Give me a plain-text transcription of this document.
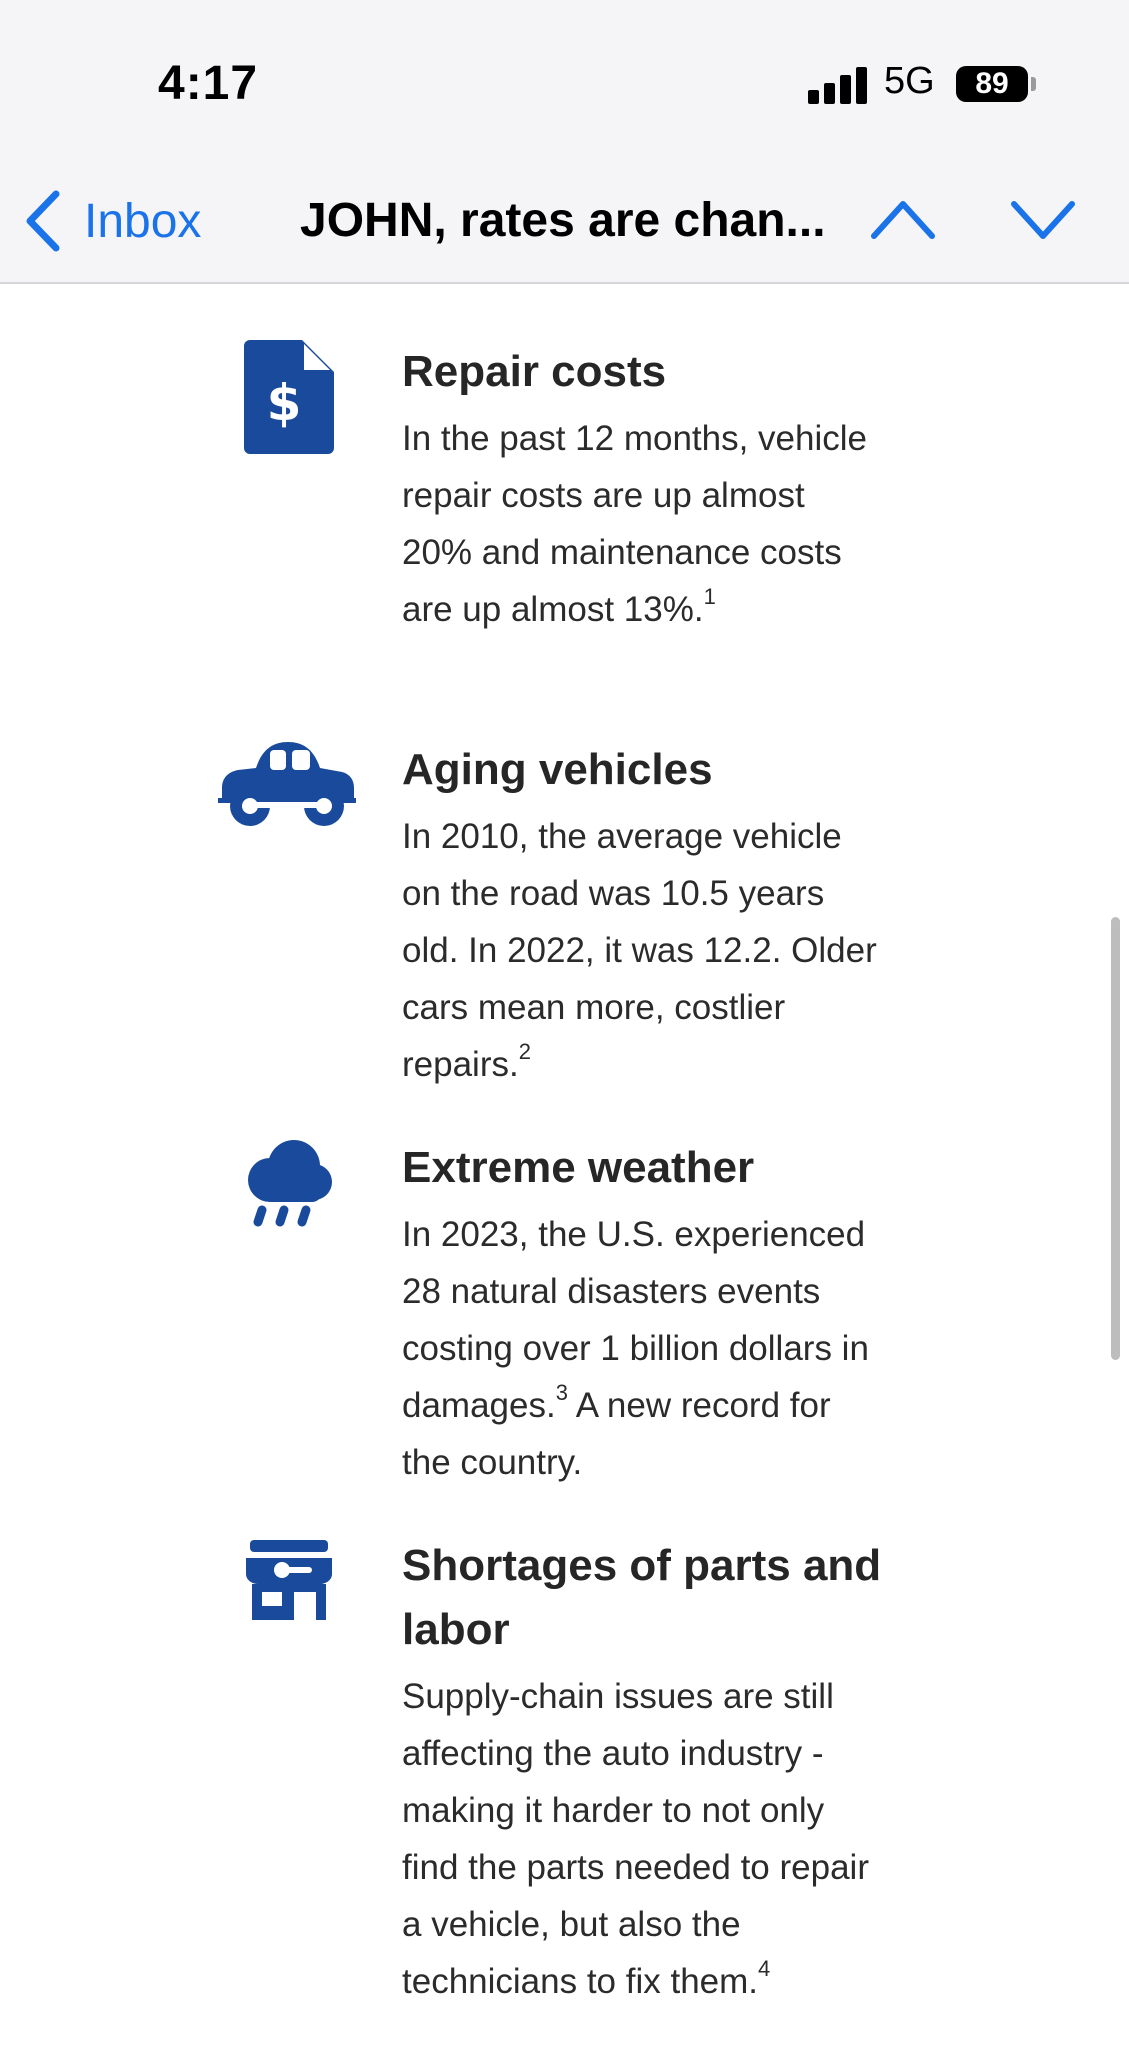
4:17	5G	89
Inbox JOHN, rates are chan...
$
Repair costs
In the past 12 months, vehicle repair costs are up almost 20% and maintenance costs are up almost 13%.$^1$
Aging vehicles
In 2010, the average vehicle on the road was 10.5 years old. In 2022, it was 12.2. Older cars mean more, costlier repairs.$^2$
Extreme weather
In 2023, the U.S. experienced 28 natural disasters events costing over 1 billion dollars in damages.$^3$ A new record for the country.
Shortages of parts and labor
Supply-chain issues are still affecting the auto industry - making it harder to not only find the parts needed to repair a vehicle, but also the technicians to fix them.$^4$
